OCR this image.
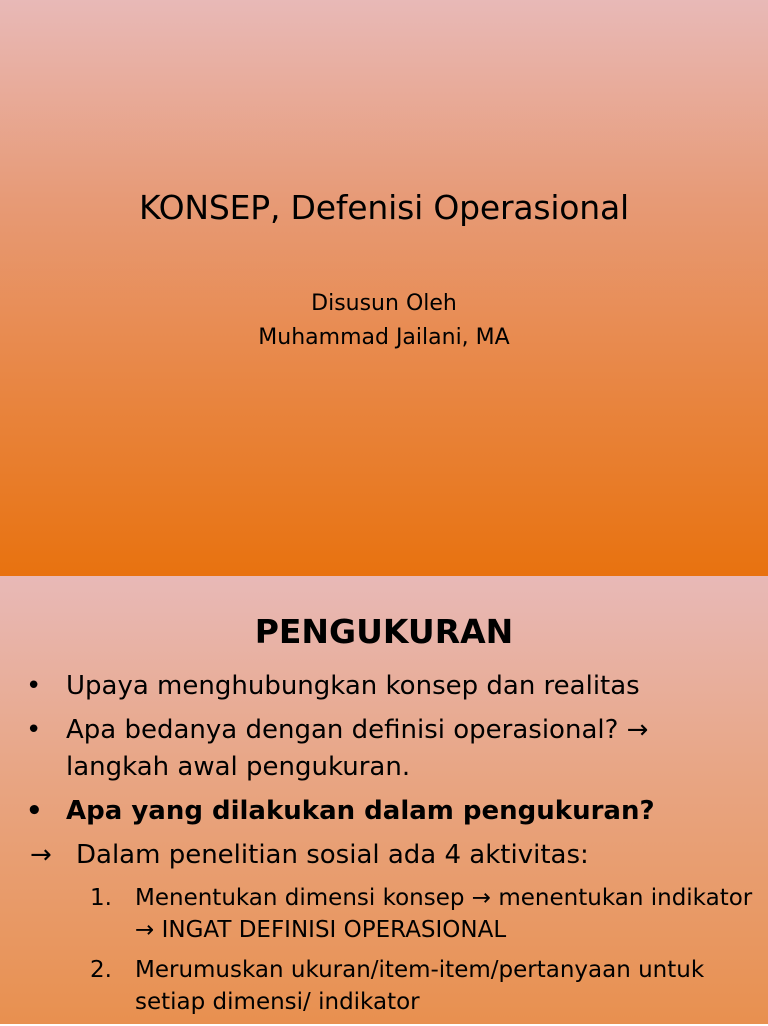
KONSEP, Defenisi Operasional
Disusun Oleh
Muhammad Jailani, MA
PENGUKURAN
• Upaya menghubungkan konsep dan realitas
• Apa bedanya dengan definisi operasional? → langkah awal pengukuran.
• Apa yang dilakukan dalam pengukuran?
→ Dalam penelitian sosial ada 4 aktivitas:
1. Menentukan dimensi konsep → menentukan indikator → INGAT DEFINISI OPERASIONAL
2. Merumuskan ukuran/item-item/pertanyaan untuk setiap dimensi/ indikator
